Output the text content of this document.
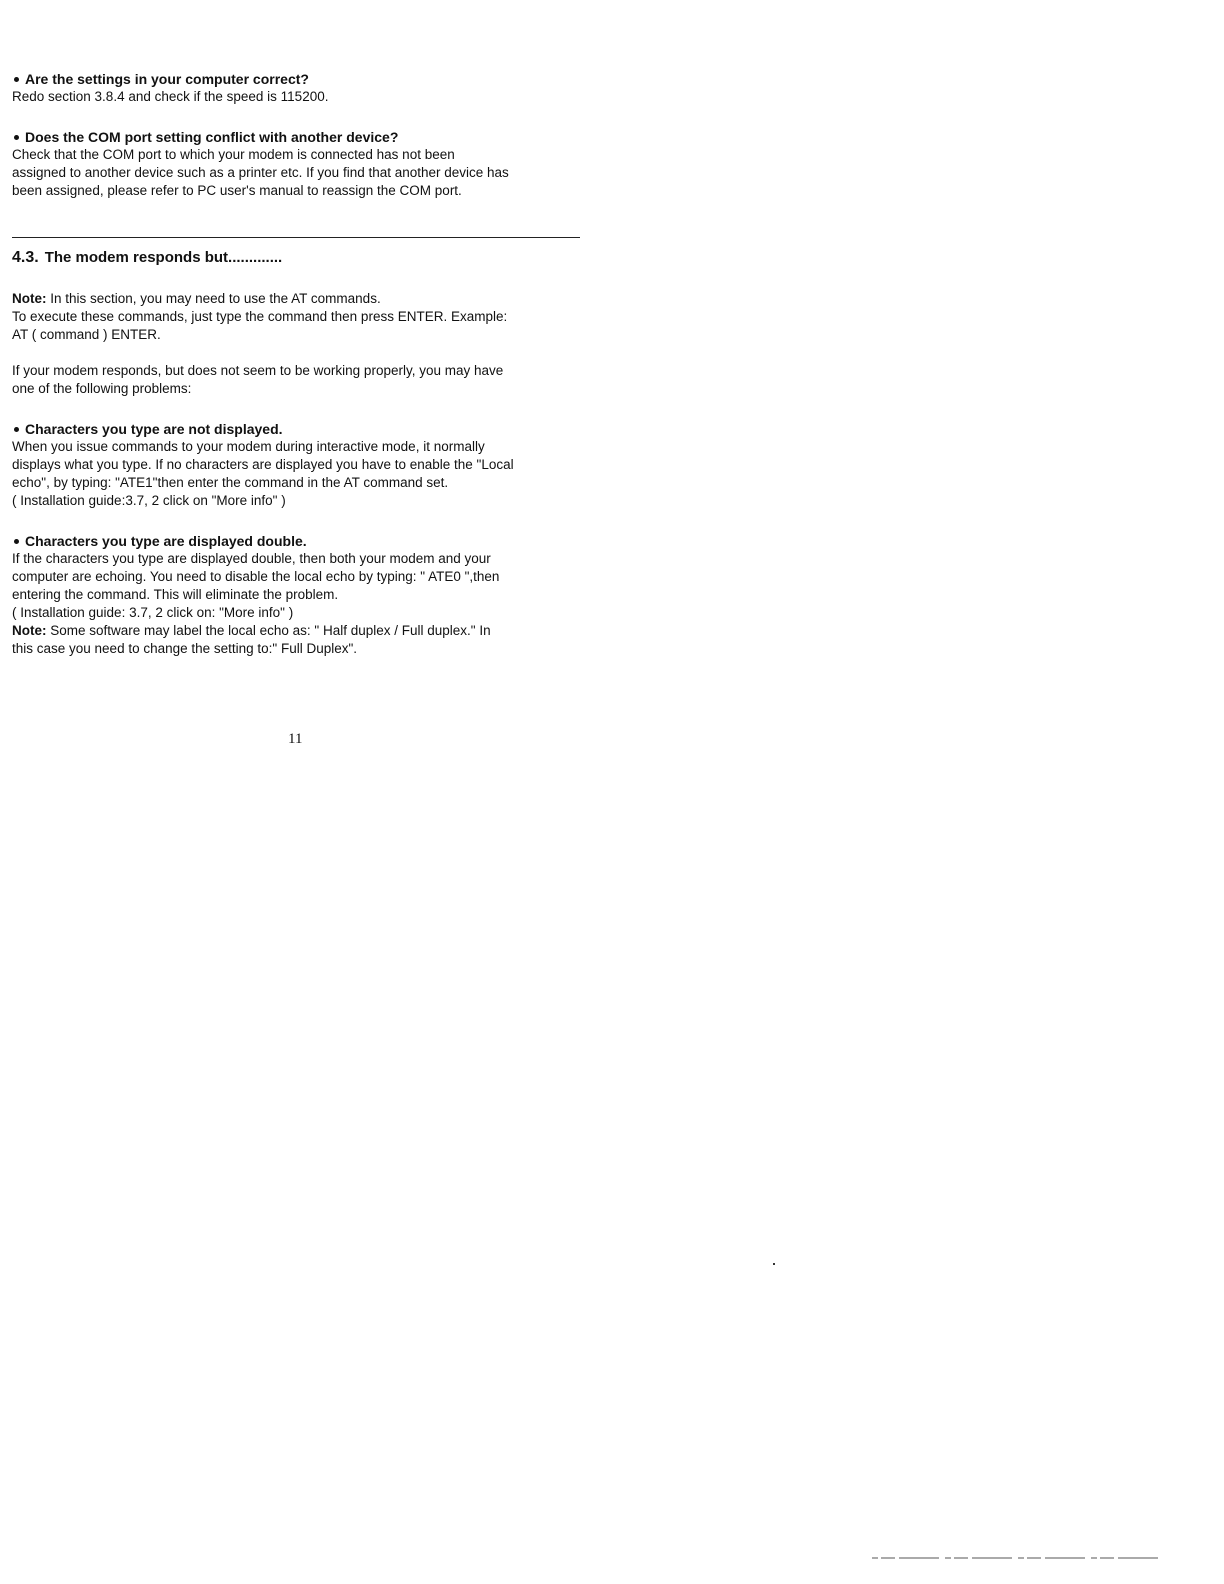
Are the settings in your computer correct?

Redo section 3.8.4 and check if the speed is 115200.

Does the COM port setting conflict with another device?

Check that the COM port to which your modem is connected has not been

assigned to another device such as a printer etc. If you find that another device has

been assigned, please refer to PC user's manual to reassign the COM port.

4.3. The modem responds but.............

Note: In this section, you may need to use the AT commands.

To execute these commands, just type the command then press ENTER. Example:

AT ( command ) ENTER.

If your modem responds, but does not seem to be working properly, you may have

one of the following problems:

Characters you type are not displayed.

When you issue commands to your modem during interactive mode, it normally

displays what you type. If no characters are displayed you have to enable the "Local

echo", by typing: "ATE1"then enter the command in the AT command set.

( Installation guide:3.7, 2 click on "More info" )

Characters you type are displayed double.

If the characters you type are displayed double, then both your modem and your

computer are echoing. You need to disable the local echo by typing: " ATE0 ",then

entering the command. This will eliminate the problem.

( Installation guide: 3.7, 2 click on: "More info" )

Note: Some software may label the local echo as: " Half duplex / Full duplex." In

this case you need to change the setting to:" Full Duplex".

11
